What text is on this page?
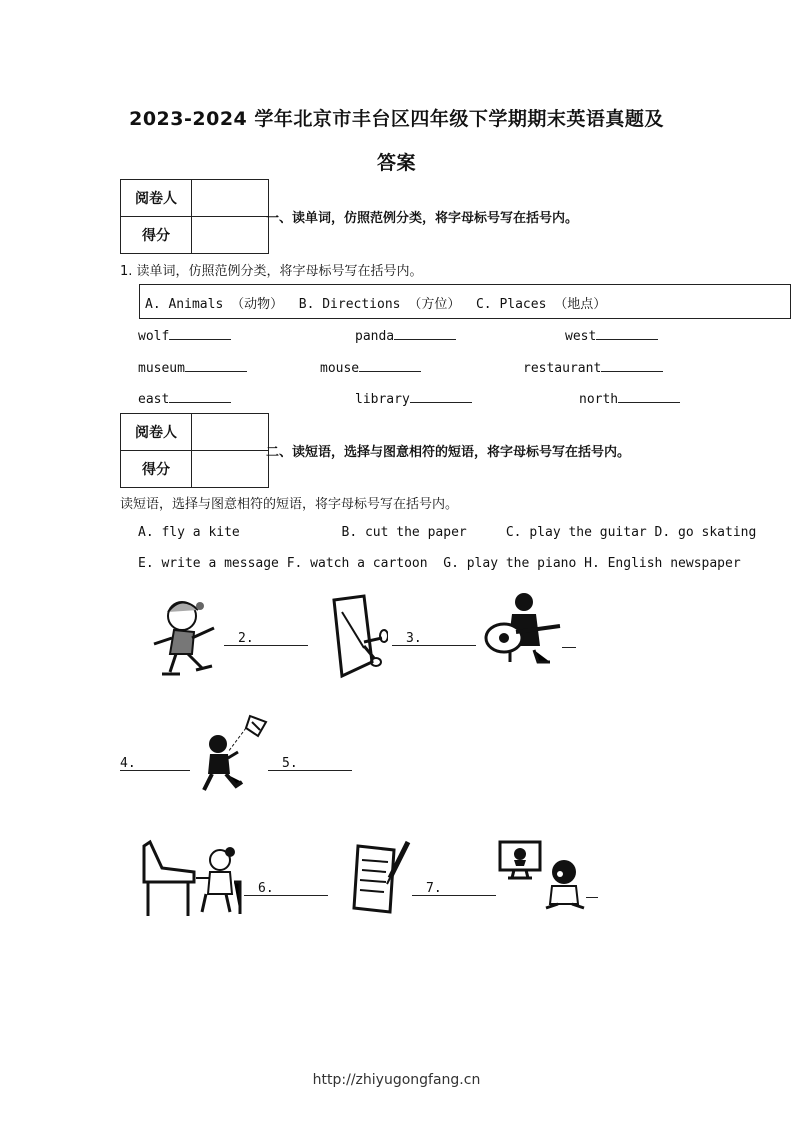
2023-2024 学年北京市丰台区四年级下学期期末英语真题及
答案
阅卷人	
得分	
一、读单词，仿照范例分类，将字母标号写在括号内。
1. 读单词，仿照范例分类，将字母标号写在括号内。
A. Animals （动物）  B. Directions （方位）  C. Places （地点）
wolf	panda	west
museum	mouse	restaurant
east	library	north
阅卷人	
得分	
二、读短语，选择与图意相符的短语，将字母标号写在括号内。
读短语，选择与图意相符的短语，将字母标号写在括号内。
A. fly a kite             B. cut the paper     C. play the guitar D. go skating
E. write a message F. watch a cartoon  G. play the piano H. English newspaper
2.	3.
4.	5.
6.	7.
http://zhiyugongfang.cn
